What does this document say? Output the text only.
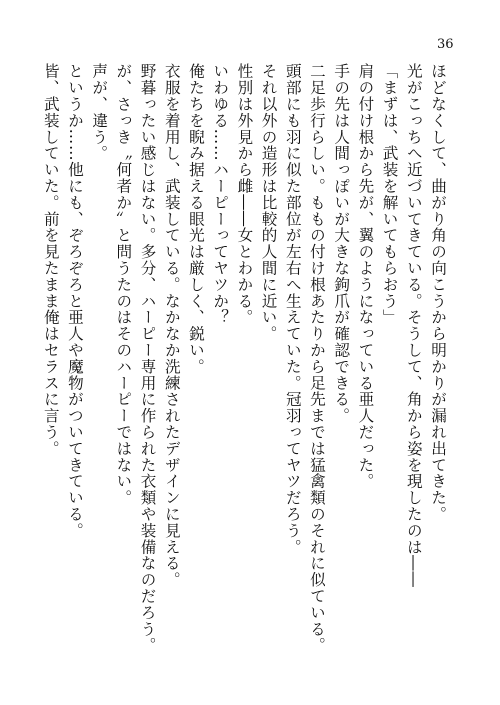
36
ほどなくして、曲がり角の向こうから明かりが漏れ出てきた。
光がこっちへ近づいてきている。そうして、角から姿を現したのは――
「まずは、武装を解いてもらおう」
肩の付け根から先が、翼のようになっている亜人だった。
手の先は人間っぽいが大きな鉤爪が確認できる。
二足歩行らしい。ももの付け根あたりから足先までは猛禽類のそれに似ている。
頭部にも羽に似た部位が左右へ生えていた。冠羽ってヤツだろう。
それ以外の造形は比較的人間に近い。
性別は外見から雌――女とわかる。
いわゆる……ハーピーってヤツか？
俺たちを睨み据える眼光は厳しく、鋭い。
衣服を着用し、武装している。なかなか洗練されたデザインに見える。
野暮ったい感じはない。多分、ハーピー専用に作られた衣類や装備なのだろう。
が、さっき〝何者か〟と問うたのはそのハーピーではない。
声が、違う。
というか……他にも、ぞろぞろと亜人や魔物がついてきている。
皆、武装していた。前を見たまま俺はセラスに言う。
